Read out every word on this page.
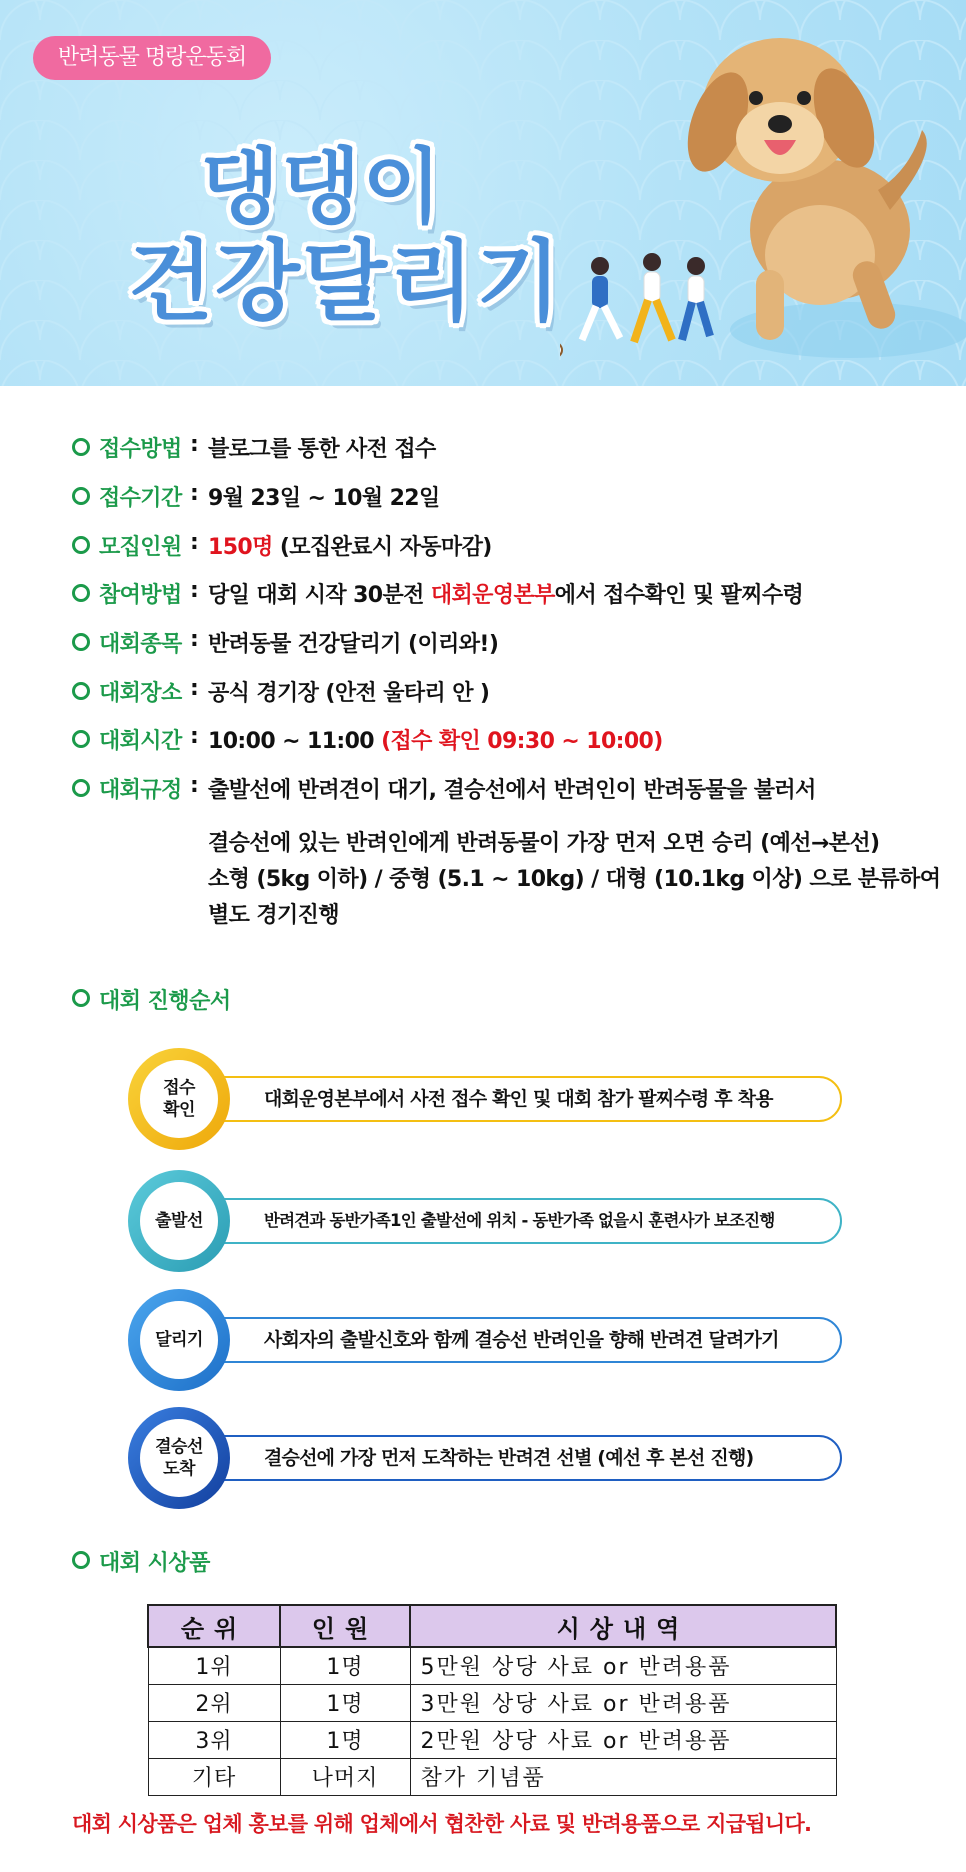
반려동물 명랑운동회
댕댕이
건강달리기
접수방법 : 블로그를 통한 사전 접수
접수기간 : 9월 23일 ~ 10월 22일
모집인원 : 150명 (모집완료시 자동마감)
참여방법 : 당일 대회 시작 30분전 대회운영본부에서 접수확인 및 팔찌수령
대회종목 : 반려동물 건강달리기 (이리와!)
대회장소 : 공식 경기장 (안전 울타리 안 )
대회시간 : 10:00 ~ 11:00 (접수 확인 09:30 ~ 10:00)
대회규정 : 출발선에 반려견이 대기, 결승선에서 반려인이 반려동물을 불러서
결승선에 있는 반려인에게 반려동물이 가장 먼저 오면 승리 (예선→본선)
소형 (5kg 이하) / 중형 (5.1 ~ 10kg) / 대형 (10.1kg 이상) 으로 분류하여
별도 경기진행
대회 진행순서
대회운영본부에서 사전 접수 확인 및 대회 참가 팔찌수령 후 착용
접수
확인
반려견과 동반가족1인 출발선에 위치 - 동반가족 없을시 훈련사가 보조진행
출발선
사회자의 출발신호와 함께 결승선 반려인을 향해 반려견 달려가기
달리기
결승선에 가장 먼저 도착하는 반려견 선별 (예선 후 본선 진행)
결승선
도착
대회 시상품
순위	인원	시상내역
1위	1명	5만원 상당 사료 or 반려용품
2위	1명	3만원 상당 사료 or 반려용품
3위	1명	2만원 상당 사료 or 반려용품
기타	나머지	참가 기념품
대회 시상품은 업체 홍보를 위해 업체에서 협찬한 사료 및 반려용품으로 지급됩니다.
